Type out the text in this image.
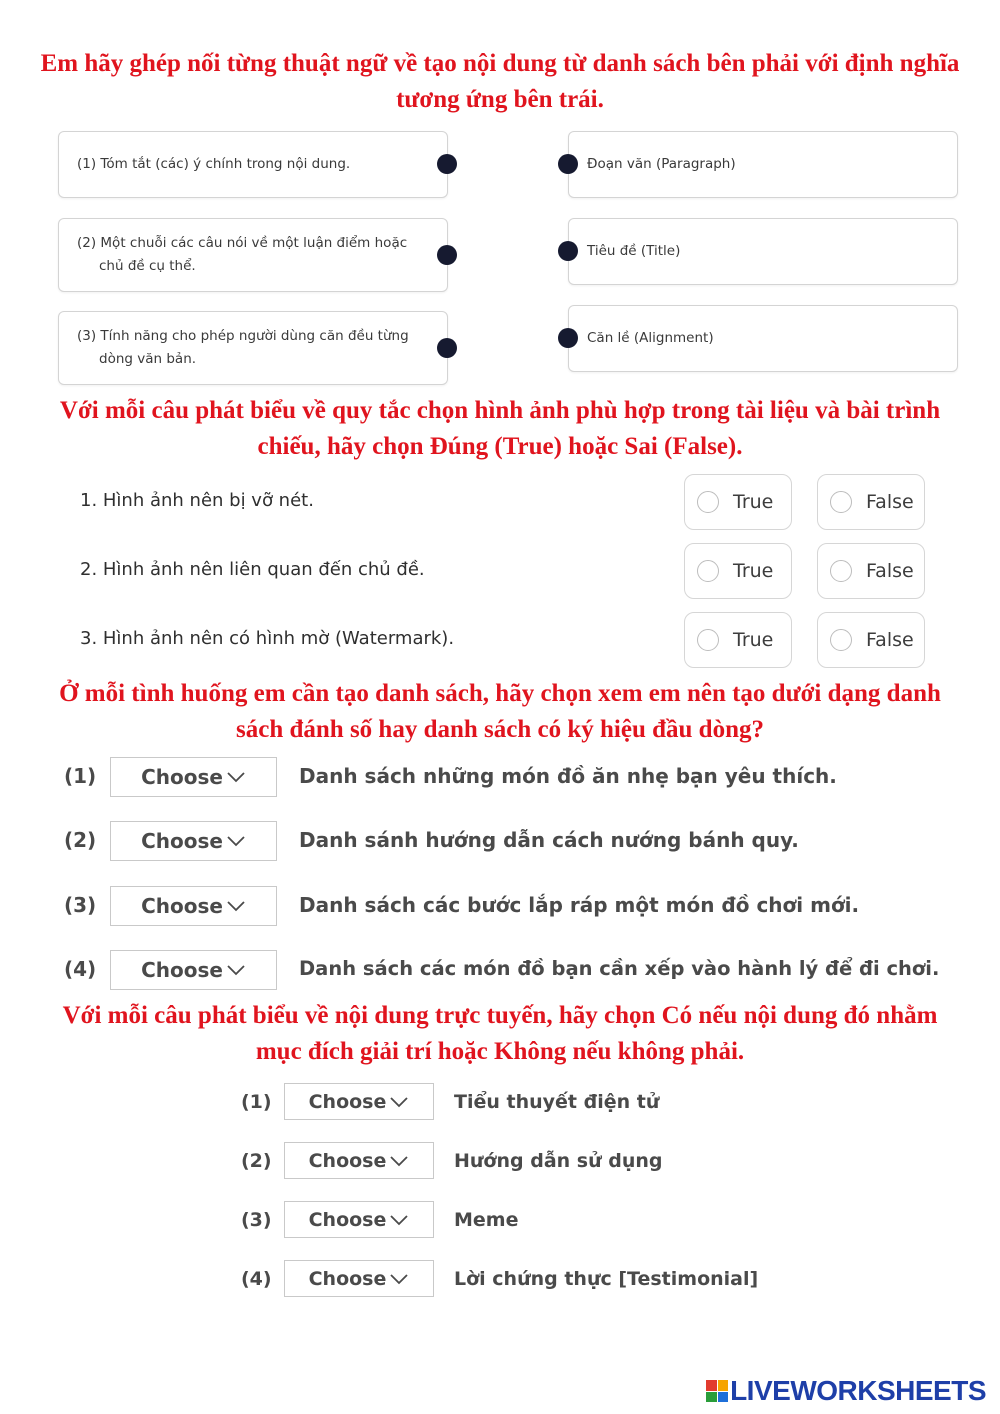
Em hãy ghép nối từng thuật ngữ về tạo nội dung từ danh sách bên phải với định nghĩa tương ứng bên trái.
(1) Tóm tắt (các) ý chính trong nội dung.
(2) Một chuỗi các câu nói về một luận điểm hoặc chủ đề cụ thể.
(3) Tính năng cho phép người dùng căn đều từng dòng văn bản.
Đoạn văn (Paragraph)
Tiêu đề (Title)
Căn lề (Alignment)
Với mỗi câu phát biểu về quy tắc chọn hình ảnh phù hợp trong tài liệu và bài trình chiếu, hãy chọn Đúng (True) hoặc Sai (False).
1. Hình ảnh nên bị vỡ nét.	True	False
2. Hình ảnh nên liên quan đến chủ đề.	True	False
3. Hình ảnh nên có hình mờ (Watermark).	True	False
Ở mỗi tình huống em cần tạo danh sách, hãy chọn xem em nên tạo dưới dạng danh sách đánh số hay danh sách có ký hiệu đầu dòng?
(1) Choose	Danh sách những món đồ ăn nhẹ bạn yêu thích.
(2) Choose	Danh sánh hướng dẫn cách nướng bánh quy.
(3) Choose	Danh sách các bước lắp ráp một món đồ chơi mới.
(4) Choose	Danh sách các món đồ bạn cần xếp vào hành lý để đi chơi.
Với mỗi câu phát biểu về nội dung trực tuyến, hãy chọn Có nếu nội dung đó nhằm mục đích giải trí hoặc Không nếu không phải.
(1) Choose	Tiểu thuyết điện tử
(2) Choose	Hướng dẫn sử dụng
(3) Choose	Meme
(4) Choose	Lời chứng thực [Testimonial]
LIVEWORKSHEETS
